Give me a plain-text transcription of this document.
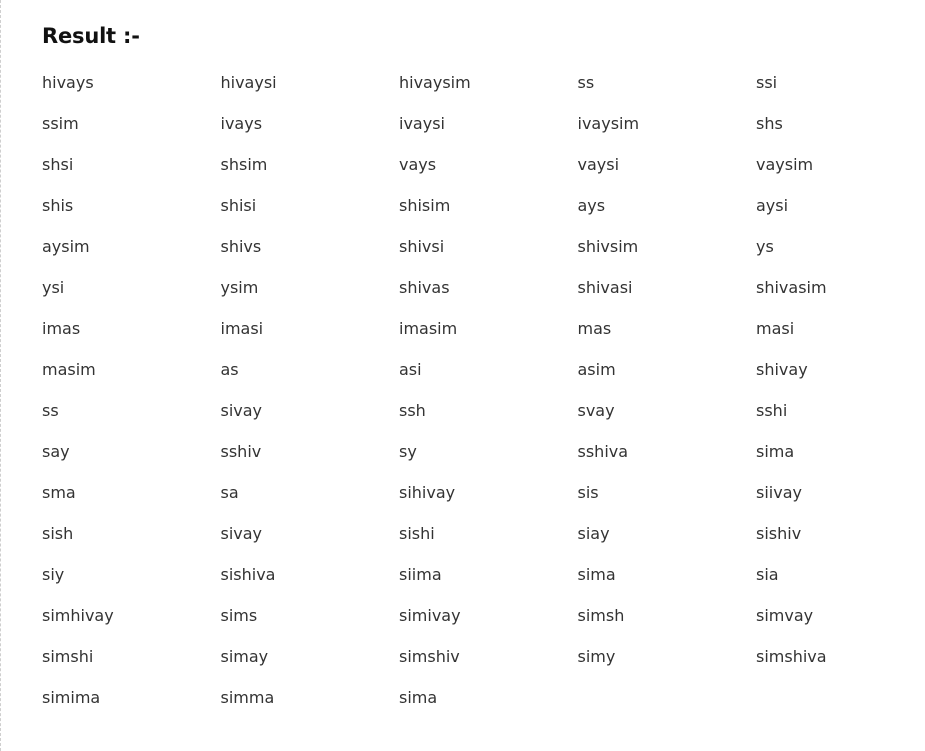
Result :-
hivays	hivaysi	hivaysim	ss	ssi
ssim	ivays	ivaysi	ivaysim	shs
shsi	shsim	vays	vaysi	vaysim
shis	shisi	shisim	ays	aysi
aysim	shivs	shivsi	shivsim	ys
ysi	ysim	shivas	shivasi	shivasim
imas	imasi	imasim	mas	masi
masim	as	asi	asim	shivay
ss	sivay	ssh	svay	sshi
say	sshiv	sy	sshiva	sima
sma	sa	sihivay	sis	siivay
sish	sivay	sishi	siay	sishiv
siy	sishiva	siima	sima	sia
simhivay	sims	simivay	simsh	simvay
simshi	simay	simshiv	simy	simshiva
simima	simma	sima
